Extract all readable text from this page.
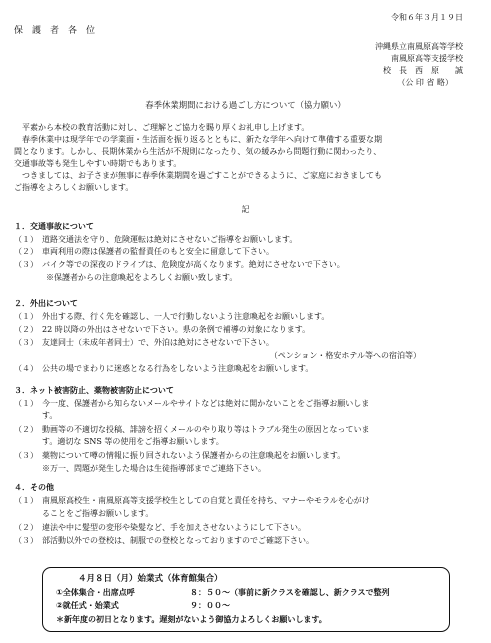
令和６年３月１９日
保　護　者　各　位
沖縄県立南風原高等学校
南風原高等支援学校
校　長　西　原　　誠
（公 印 省 略）
春季休業期間における過ごし方について（協力願い）
平素から本校の教育活動に対し、ご理解とご協力を賜り厚くお礼申し上げます。
春季休業中は現学年での学業面・生活面を振り返るとともに、新たな学年へ向けて準備する重要な期
間となります。しかし、長期休業から生活が不規則になったり、気の緩みから問題行動に関わったり、
交通事故等も発生しやすい時期でもあります。
つきましては、お子さまが無事に春季休業期間を過ごすことができるように、ご家庭におきましても
ご指導をよろしくお願いします。
記
１．交通事故について
（１）　道路交通法を守り、危険運転は絶対にさせないご指導をお願いします。
（２）　車両利用の際は保護者の監督責任のもと安全に留意して下さい。
（３）　バイク等での深夜のドライブは、危険度が高くなります。絶対にさせないで下さい。
　　※保護者からの注意喚起をよろしくお願い致します。
２．外出について
（１）　外出する際、行く先を確認し、一人で行動しないよう注意喚起をお願いします。
（２）　22 時以降の外出はさせないで下さい。県の条例で補導の対象になります。
（３）　友達同士（未成年者同士）で、外泊は絶対にさせないで下さい。
（ペンション・格安ホテル等への宿泊等）
（４）　公共の場でまわりに迷惑となる行為をしないよう注意喚起をお願いします。
３．ネット被害防止、薬物被害防止について
（１）　今一度、保護者から知らないメールやサイトなどは絶対に開かないことをご指導お願いしま
す。
（２）　動画等の不適切な投稿、誹謗を招くメールのやり取り等はトラブル発生の原因となっていま
す。適切な SNS 等の使用をご指導お願いします。
（３）　薬物について噂の情報に振り回されないよう保護者からの注意喚起をお願いします。
※万一、問題が発生した場合は生徒指導部までご連絡下さい。
４．その他
（１）　南風原高校生・南風原高等支援学校生としての自覚と責任を持ち、マナーやモラルを心がけ
ることをご指導お願いします。
（２）　違法や中に髪型の変形や染髪など、手を加えさせないようにして下さい。
（３）　部活動以外での登校は、制服での登校となっておりますのでご確認下さい。
４月８日（月）始業式（体育館集合）
①全体集合・出席点呼	８：５０～（事前に新クラスを確認し、新クラスで整列
②就任式・始業式	９：００～
＊新年度の初日となります。遅刻がないよう御協力よろしくお願いします。
